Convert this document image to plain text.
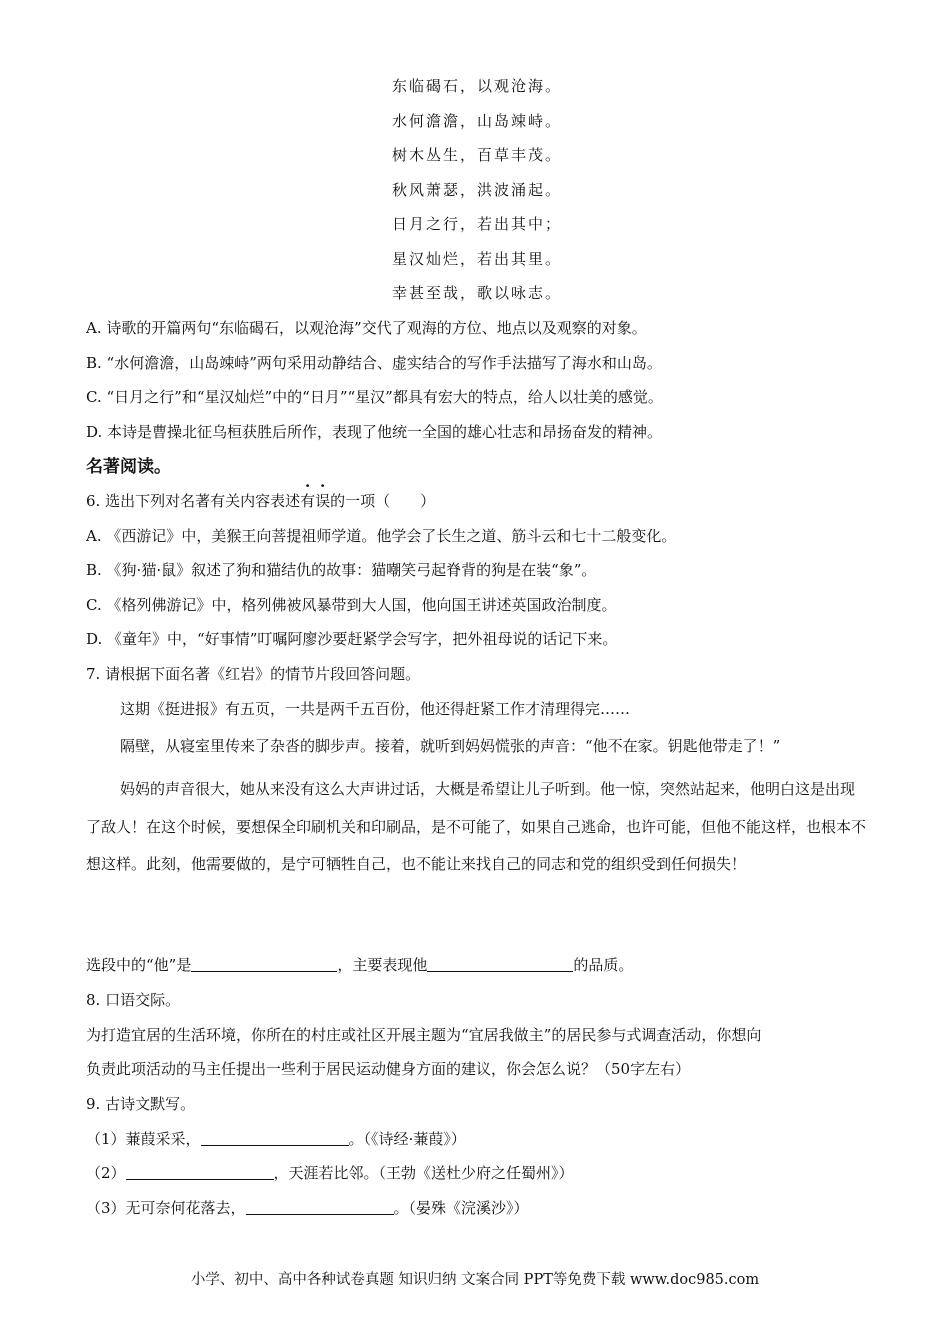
东临碣石，以观沧海。
水何澹澹，山岛竦峙。
树木丛生，百草丰茂。
秋风萧瑟，洪波涌起。
日月之行，若出其中；
星汉灿烂，若出其里。
幸甚至哉，歌以咏志。
A. 诗歌的开篇两句“东临碣石，以观沧海”交代了观海的方位、地点以及观察的对象。
B. “水何澹澹，山岛竦峙”两句采用动静结合、虚实结合的写作手法描写了海水和山岛。
C. “日月之行”和“星汉灿烂”中的“日月”“星汉”都具有宏大的特点，给人以壮美的感觉。
D. 本诗是曹操北征乌桓获胜后所作，表现了他统一全国的雄心壮志和昂扬奋发的精神。
名著阅读。
6. 选出下列对名著有关内容表述有误的一项（　　）
A. 《西游记》中，美猴王向菩提祖师学道。他学会了长生之道、筋斗云和七十二般变化。
B. 《狗·猫·鼠》叙述了狗和猫结仇的故事：猫嘲笑弓起脊背的狗是在装“象”。
C. 《格列佛游记》中，格列佛被风暴带到大人国，他向国王讲述英国政治制度。
D. 《童年》中，“好事情”叮嘱阿廖沙要赶紧学会写字，把外祖母说的话记下来。
7. 请根据下面名著《红岩》的情节片段回答问题。
这期《挺进报》有五页，一共是两千五百份，他还得赶紧工作才清理得完……
隔壁，从寝室里传来了杂沓的脚步声。接着，就听到妈妈慌张的声音：“他不在家。钥匙他带走了！”
妈妈的声音很大，她从来没有这么大声讲过话，大概是希望让儿子听到。他一惊，突然站起来，他明白这是出现了敌人！在这个时候，要想保全印刷机关和印刷品，是不可能了，如果自己逃命，也许可能，但他不能这样，也根本不想这样。此刻，他需要做的，是宁可牺牲自己，也不能让来找自己的同志和党的组织受到任何损失！
选段中的“他”是	，主要表现他	的品质。
8. 口语交际。
为打造宜居的生活环境，你所在的村庄或社区开展主题为“宜居我做主”的居民参与式调查活动，你想向
负责此项活动的马主任提出一些利于居民运动健身方面的建议，你会怎么说？（50字左右）
9. 古诗文默写。
（1）蒹葭采采，	。（《诗经·蒹葭》）
（2）	，天涯若比邻。（王勃《送杜少府之任蜀州》）
（3）无可奈何花落去，	。（晏殊《浣溪沙》）
小学、初中、高中各种试卷真题 知识归纳 文案合同 PPT等免费下载 www.doc985.com
